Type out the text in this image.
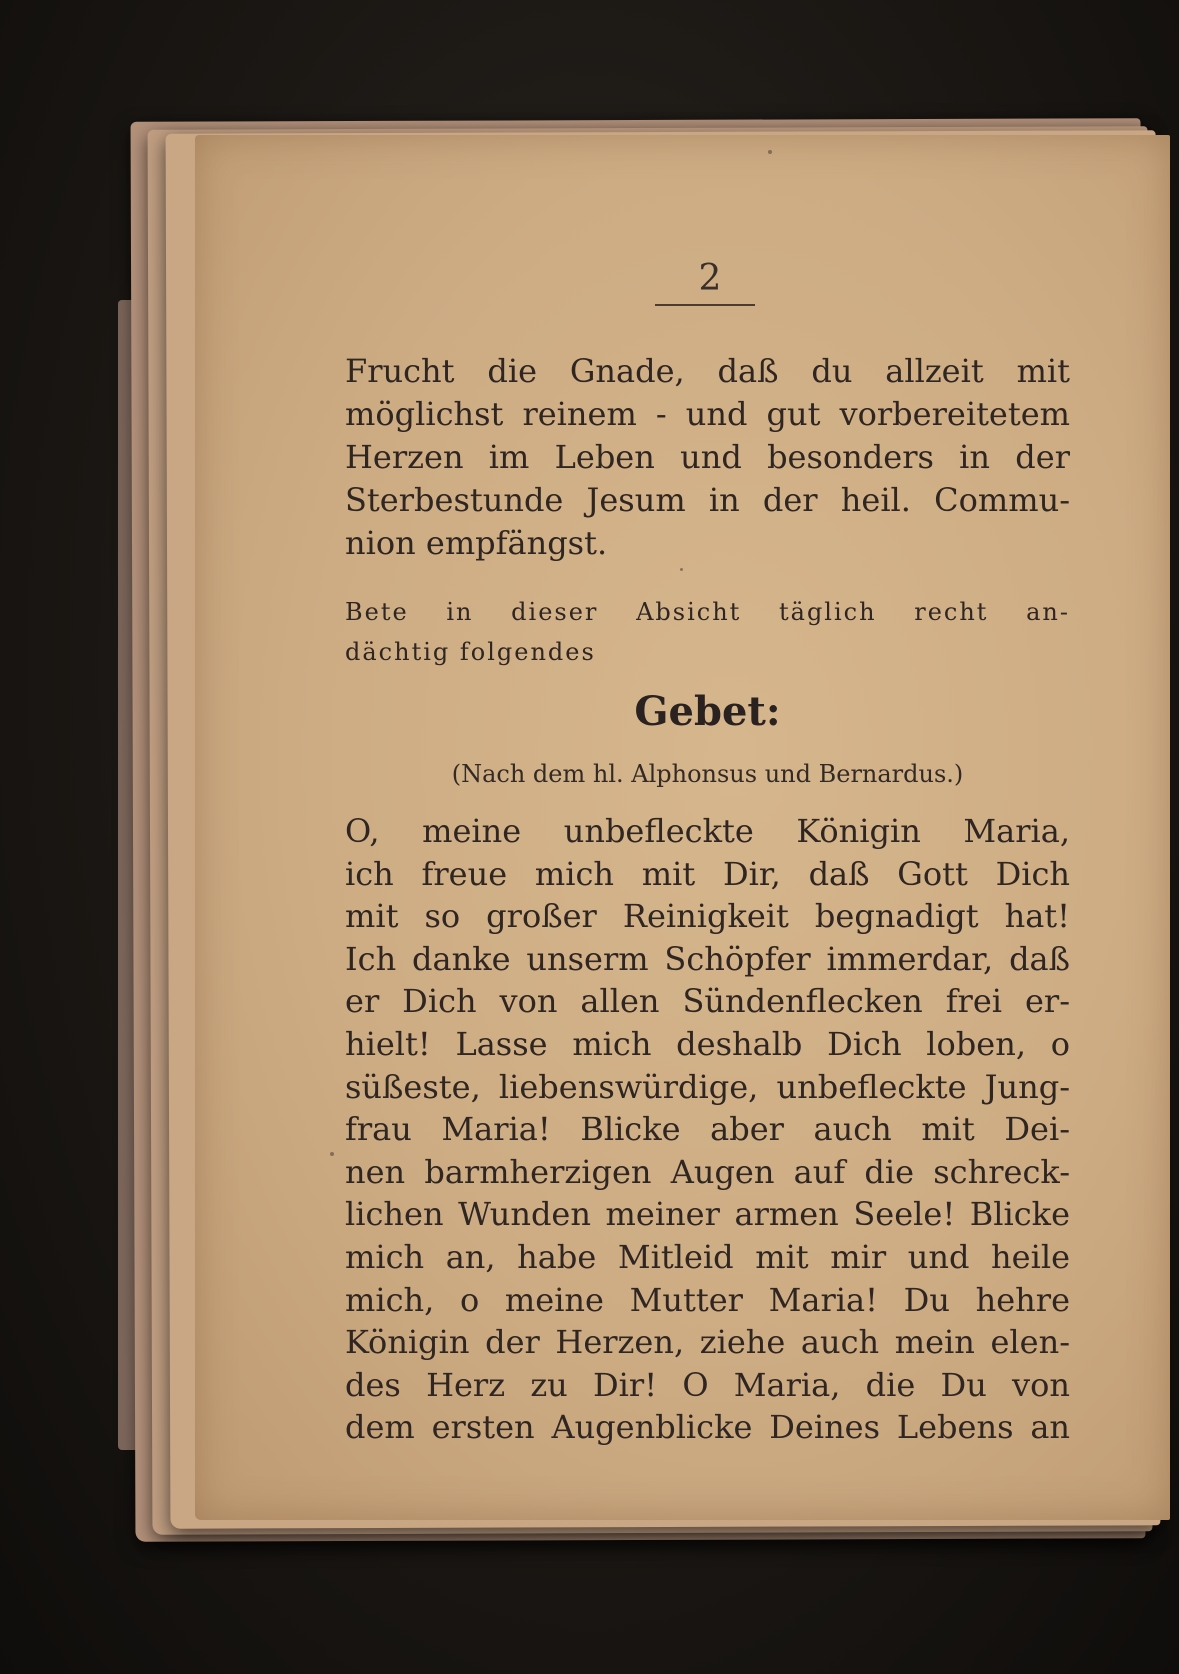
2
Frucht die Gnade, daß du allzeit mit
möglichst reinem - und gut vorbereitetem
Herzen im Leben und besonders in der
Sterbestunde Jesum in der heil. Commu-
nion empfängst.
Bete in dieser Absicht täglich recht an-
dächtig folgendes
Gebet:
(Nach dem hl. Alphonsus und Bernardus.)
O, meine unbefleckte Königin Maria,
ich freue mich mit Dir, daß Gott Dich
mit so großer Reinigkeit begnadigt hat!
Ich danke unserm Schöpfer immerdar, daß
er Dich von allen Sündenflecken frei er-
hielt! Lasse mich deshalb Dich loben, o
süßeste, liebenswürdige, unbefleckte Jung-
frau Maria! Blicke aber auch mit Dei-
nen barmherzigen Augen auf die schreck-
lichen Wunden meiner armen Seele! Blicke
mich an, habe Mitleid mit mir und heile
mich, o meine Mutter Maria! Du hehre
Königin der Herzen, ziehe auch mein elen-
des Herz zu Dir! O Maria, die Du von
dem ersten Augenblicke Deines Lebens an
